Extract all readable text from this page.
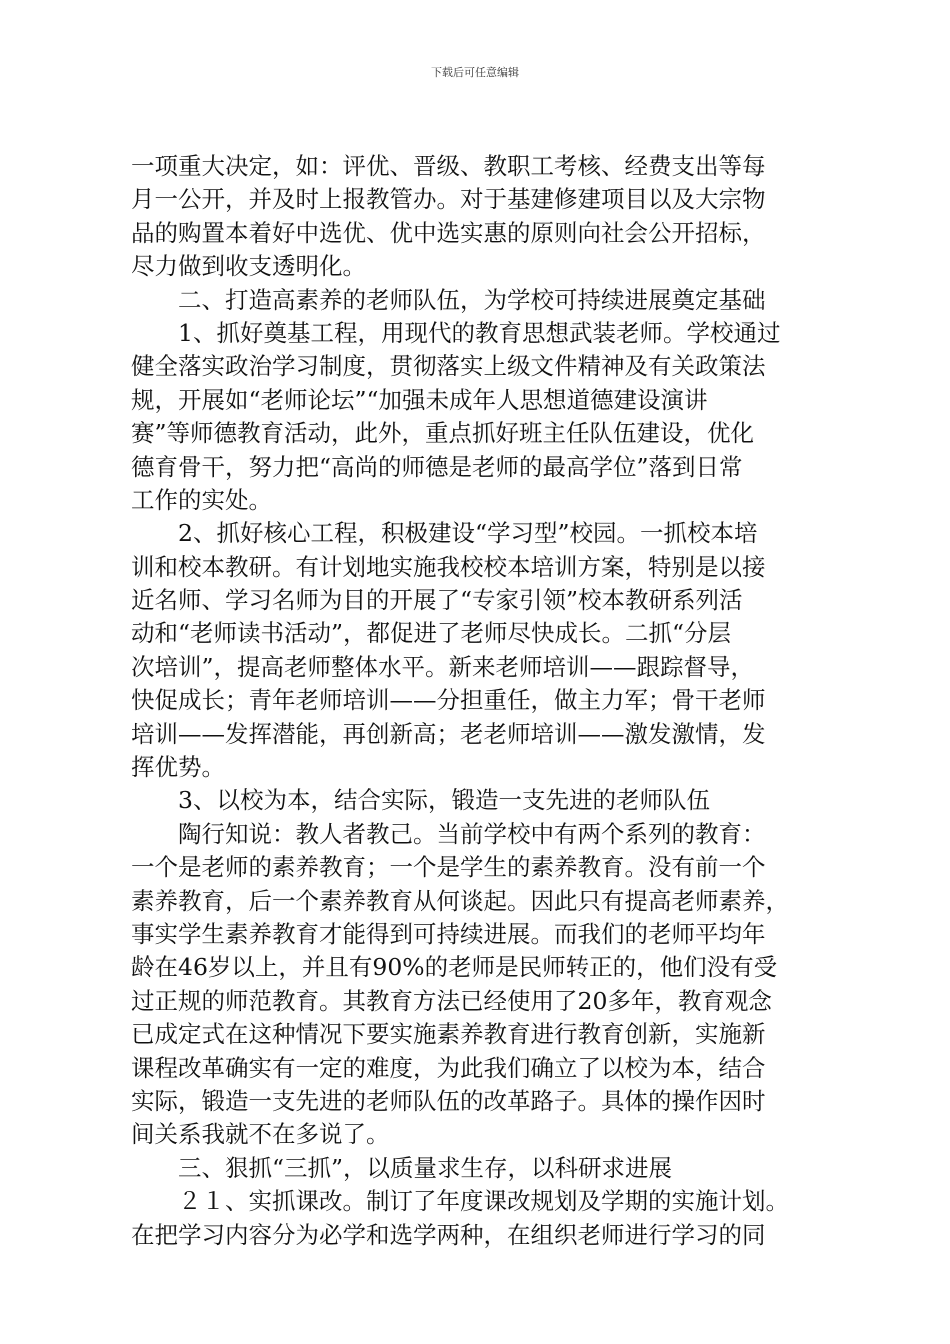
下载后可任意编辑
一项重大决定，如：评优、晋级、教职工考核、经费支出等每
月一公开，并及时上报教管办。对于基建修建项目以及大宗物
品的购置本着好中选优、优中选实惠的原则向社会公开招标，
尽力做到收支透明化。
　　二、打造高素养的老师队伍，为学校可持续进展奠定基础
　　1、抓好奠基工程，用现代的教育思想武装老师。学校通过
健全落实政治学习制度，贯彻落实上级文件精神及有关政策法
规，开展如“老师论坛”“加强未成年人思想道德建设演讲
赛”等师德教育活动，此外，重点抓好班主任队伍建设，优化
德育骨干，努力把“高尚的师德是老师的最高学位”落到日常
工作的实处。
　　2、抓好核心工程，积极建设“学习型”校园。一抓校本培
训和校本教研。有计划地实施我校校本培训方案，特别是以接
近名师、学习名师为目的开展了“专家引领”校本教研系列活
动和“老师读书活动”，都促进了老师尽快成长。二抓“分层
次培训”，提高老师整体水平。新来老师培训——跟踪督导，
快促成长；青年老师培训——分担重任，做主力军；骨干老师
培训——发挥潜能，再创新高；老老师培训——激发激情，发
挥优势。
　　3、以校为本，结合实际，锻造一支先进的老师队伍
　　陶行知说：教人者教己。当前学校中有两个系列的教育：
一个是老师的素养教育；一个是学生的素养教育。没有前一个
素养教育，后一个素养教育从何谈起。因此只有提高老师素养，
事实学生素养教育才能得到可持续进展。而我们的老师平均年
龄在46岁以上，并且有90%的老师是民师转正的，他们没有受
过正规的师范教育。其教育方法已经使用了20多年，教育观念
已成定式在这种情况下要实施素养教育进行教育创新，实施新
课程改革确实有一定的难度，为此我们确立了以校为本，结合
实际，锻造一支先进的老师队伍的改革路子。具体的操作因时
间关系我就不在多说了。
　　三、狠抓“三抓”，以质量求生存，以科研求进展
　　２１、实抓课改。制订了年度课改规划及学期的实施计划。
在把学习内容分为必学和选学两种，在组织老师进行学习的同
